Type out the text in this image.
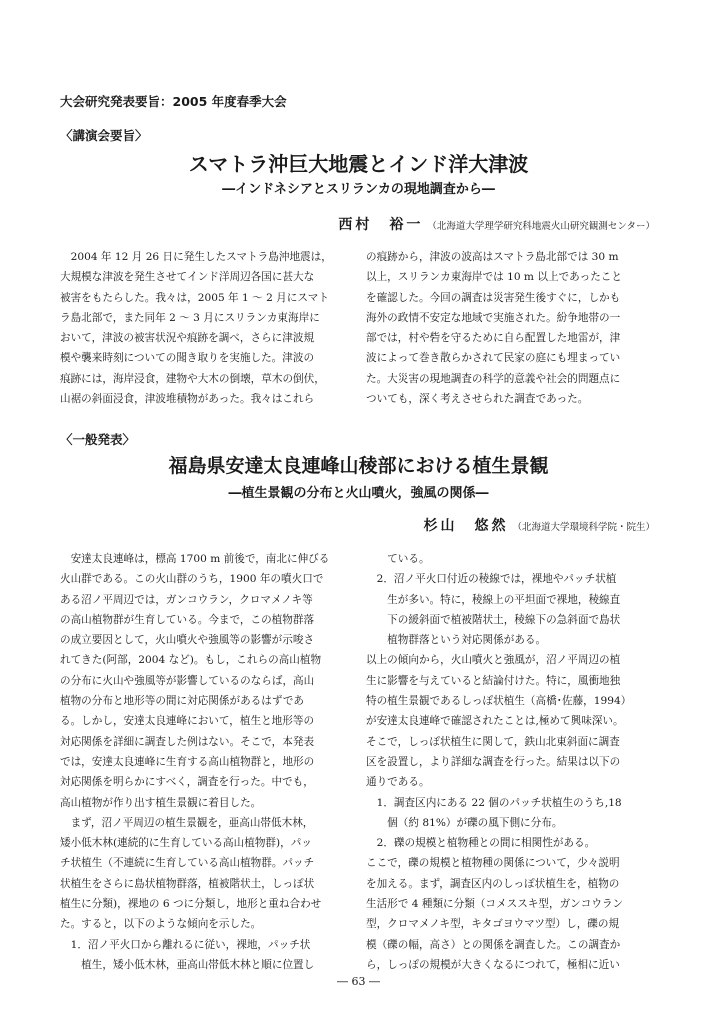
大会研究発表要旨：2005 年度春季大会
〈講演会要旨〉
スマトラ沖巨大地震とインド洋大津波
―インドネシアとスリランカの現地調査から―
西村　裕一 （北海道大学理学研究科地震火山研究観測センター）
　2004 年 12 月 26 日に発生したスマトラ島沖地震は，
大規模な津波を発生させてインド洋周辺各国に甚大な
被害をもたらした。我々は，2005 年 1 ～ 2 月にスマト
ラ島北部で，また同年 2 ～ 3 月にスリランカ東海岸に
おいて，津波の被害状況や痕跡を調べ，さらに津波規
模や襲来時刻についての聞き取りを実施した。津波の
痕跡には，海岸浸食，建物や大木の倒壊，草木の倒伏，
山裾の斜面浸食，津波堆積物があった。我々はこれら
の痕跡から，津波の波高はスマトラ島北部では 30 m
以上，スリランカ東海岸では 10 m 以上であったこと
を確認した。今回の調査は災害発生後すぐに，しかも
海外の政情不安定な地域で実施された。紛争地帯の一
部では，村や砦を守るために自ら配置した地雷が，津
波によって巻き散らかされて民家の庭にも埋まってい
た。大災害の現地調査の科学的意義や社会的問題点に
ついても，深く考えさせられた調査であった。
〈一般発表〉
福島県安達太良連峰山稜部における植生景観
―植生景観の分布と火山噴火，強風の関係―
杉山　悠然 （北海道大学環境科学院・院生）
　安達太良連峰は，標高 1700 m 前後で，南北に伸びる
火山群である。この火山群のうち，1900 年の噴火口で
ある沼ノ平周辺では，ガンコウラン，クロマメノキ等
の高山植物群が生育している。今まで，この植物群落
の成立要因として，火山噴火や強風等の影響が示唆さ
れてきた(阿部，2004 など)。もし，これらの高山植物
の分布に火山や強風等が影響しているのならば，高山
植物の分布と地形等の間に対応関係があるはずであ
る。しかし，安達太良連峰において，植生と地形等の
対応関係を詳細に調査した例はない。そこで，本発表
では，安達太良連峰に生育する高山植物群と，地形の
対応関係を明らかにすべく，調査を行った。中でも，
高山植物が作り出す植生景観に着目した。
　まず，沼ノ平周辺の植生景観を，亜高山帯低木林，
矮小低木林(連続的に生育している高山植物群)，パッ
チ状植生（不連続に生育している高山植物群。パッチ
状植生をさらに島状植物群落，植被階状土，しっぽ状
植生に分類)，裸地の 6 つに分類し，地形と重ね合わせ
た。すると，以下のような傾向を示した。
　1．沼ノ平火口から離れるに従い，裸地，パッチ状
　　植生，矮小低木林，亜高山帯低木林と順に位置し
　　ている。
　2．沼ノ平火口付近の稜線では，裸地やパッチ状植
　　生が多い。特に，稜線上の平坦面で裸地，稜線直
　　下の緩斜面で植被階状土，稜線下の急斜面で島状
　　植物群落という対応関係がある。
以上の傾向から，火山噴火と強風が，沼ノ平周辺の植
生に影響を与えていると結論付けた。特に，風衝地独
特の植生景観であるしっぽ状植生（高橋･佐藤，1994）
が安達太良連峰で確認されたことは,極めて興味深い。
そこで，しっぽ状植生に関して，鉄山北東斜面に調査
区を設置し，より詳細な調査を行った。結果は以下の
通りである。
　1．調査区内にある 22 個のパッチ状植生のうち,18
　　個（約 81%）が礫の風下側に分布。
　2．礫の規模と植物種との間に相関性がある。
ここで，礫の規模と植物種の関係について，少々説明
を加える。まず，調査区内のしっぽ状植生を，植物の
生活形で 4 種類に分類（コメススキ型，ガンコウラン
型，クロマメノキ型，キタゴヨウマツ型）し，礫の規
模（礫の幅，高さ）との関係を調査した。この調査か
ら，しっぽの規模が大きくなるにつれて，極相に近い
― 63 ―
